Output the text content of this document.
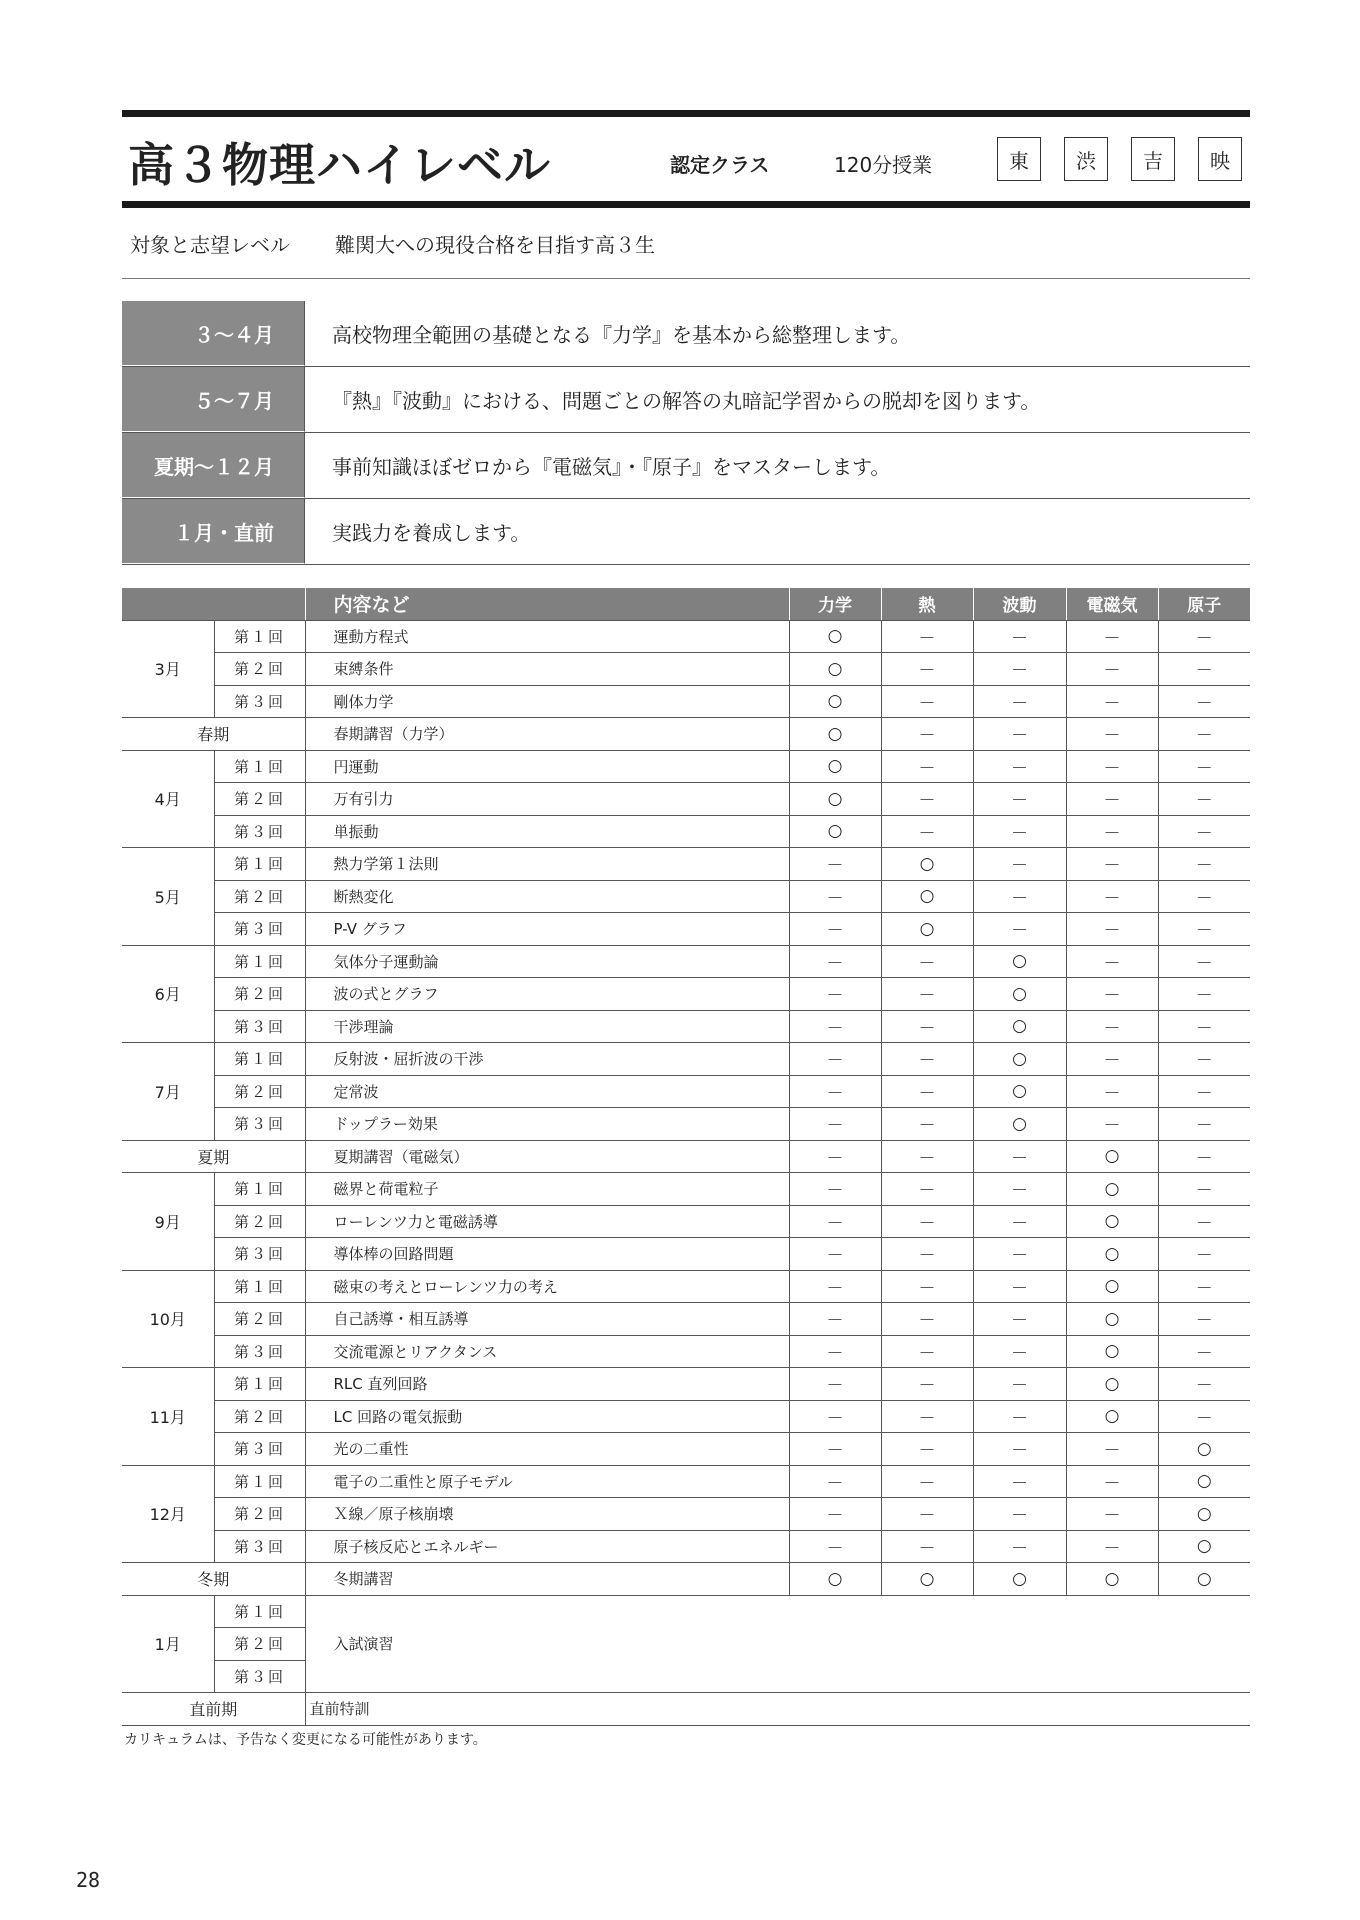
高３物理ハイレベル	認定クラス	120分授業	東	渋	吉	映
対象と志望レベル	難関大への現役合格を目指す高３生
３～４月	高校物理全範囲の基礎となる『力学』を基本から総整理します。
５～７月	『熱』『波動』における、問題ごとの解答の丸暗記学習からの脱却を図ります。
夏期～１２月	事前知識ほぼゼロから『電磁気』・『原子』をマスターします。
１月・直前	実践力を養成します。
		内容など	力学	熱	波動	電磁気	原子
3月	第１回	運動方程式	○	－	－	－	－
	第２回	束縛条件	○	－	－	－	－
	第３回	剛体力学	○	－	－	－	－
春期		春期講習（力学）	○	－	－	－	－
4月	第１回	円運動	○	－	－	－	－
	第２回	万有引力	○	－	－	－	－
	第３回	単振動	○	－	－	－	－
5月	第１回	熱力学第１法則	－	○	－	－	－
	第２回	断熱変化	－	○	－	－	－
	第３回	P-V グラフ	－	○	－	－	－
6月	第１回	気体分子運動論	－	－	○	－	－
	第２回	波の式とグラフ	－	－	○	－	－
	第３回	干渉理論	－	－	○	－	－
7月	第１回	反射波・屈折波の干渉	－	－	○	－	－
	第２回	定常波	－	－	○	－	－
	第３回	ドップラー効果	－	－	○	－	－
夏期		夏期講習（電磁気）	－	－	－	○	－
9月	第１回	磁界と荷電粒子	－	－	－	○	－
	第２回	ローレンツ力と電磁誘導	－	－	－	○	－
	第３回	導体棒の回路問題	－	－	－	○	－
10月	第１回	磁束の考えとローレンツ力の考え	－	－	－	○	－
	第２回	自己誘導・相互誘導	－	－	－	○	－
	第３回	交流電源とリアクタンス	－	－	－	○	－
11月	第１回	RLC 直列回路	－	－	－	○	－
	第２回	LC 回路の電気振動	－	－	－	○	－
	第３回	光の二重性	－	－	－	－	○
12月	第１回	電子の二重性と原子モデル	－	－	－	－	○
	第２回	Ｘ線／原子核崩壊	－	－	－	－	○
	第３回	原子核反応とエネルギー	－	－	－	－	○
冬期		冬期講習	○	○	○	○	○
1月	第１回	入試演習					
	第２回						
	第３回						
直前期		直前特訓					
カリキュラムは、予告なく変更になる可能性があります。
28
